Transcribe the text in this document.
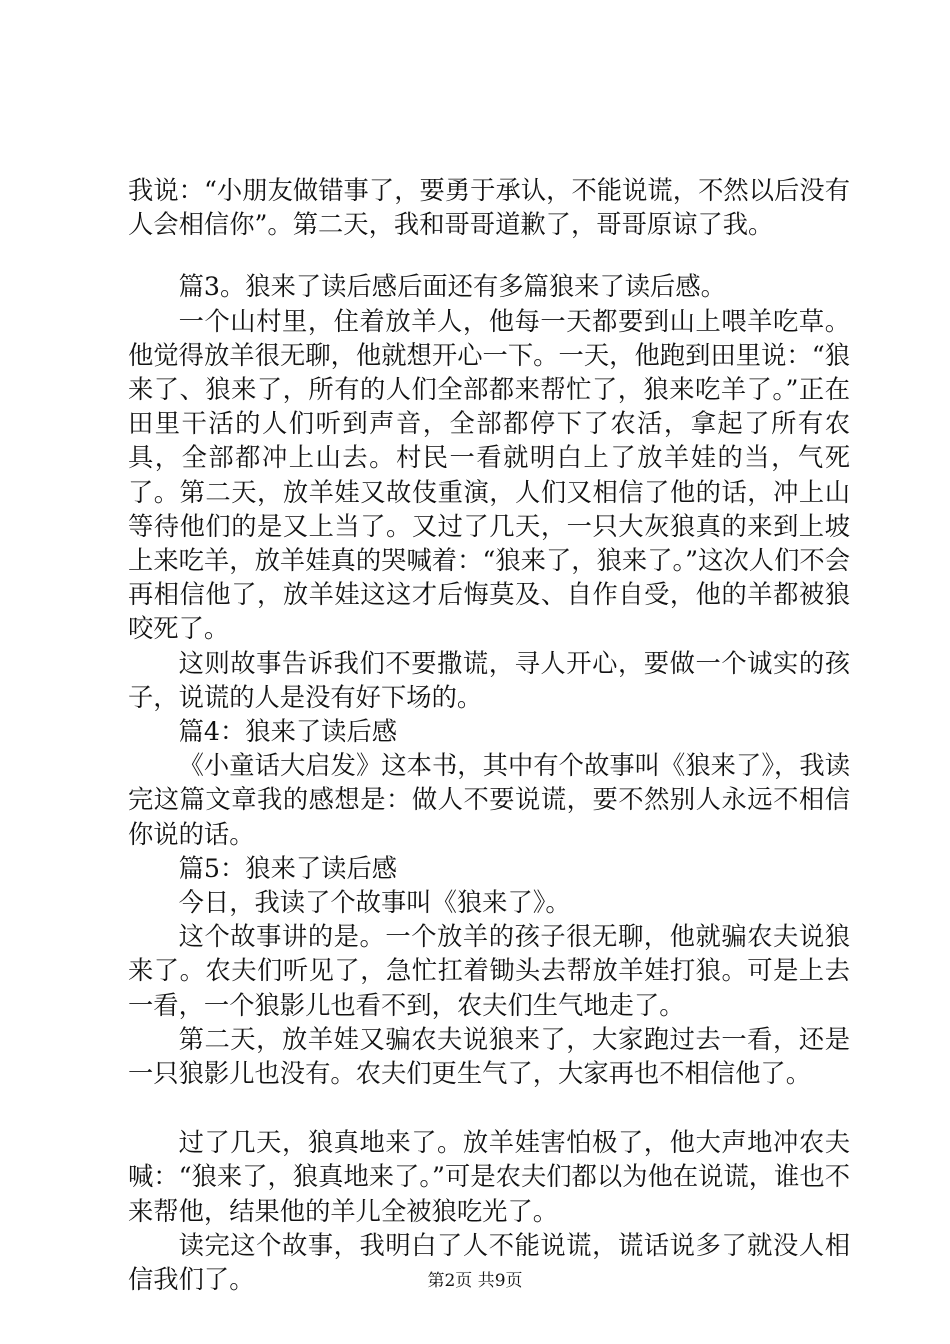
我说：“小朋友做错事了，要勇于承认，不能说谎，不然以后没有人会相信你”。第二天，我和哥哥道歉了，哥哥原谅了我。

篇3。狼来了读后感后面还有多篇狼来了读后感。

一个山村里，住着放羊人，他每一天都要到山上喂羊吃草。他觉得放羊很无聊，他就想开心一下。一天，他跑到田里说：“狼来了、狼来了，所有的人们全部都来帮忙了，狼来吃羊了。”正在田里干活的人们听到声音，全部都停下了农活，拿起了所有农具，全部都冲上山去。村民一看就明白上了放羊娃的当，气死了。第二天，放羊娃又故伎重演，人们又相信了他的话，冲上山等待他们的是又上当了。又过了几天，一只大灰狼真的来到上坡上来吃羊，放羊娃真的哭喊着：“狼来了，狼来了。”这次人们不会再相信他了，放羊娃这这才后悔莫及、自作自受，他的羊都被狼咬死了。

这则故事告诉我们不要撒谎，寻人开心，要做一个诚实的孩子，说谎的人是没有好下场的。

篇4：狼来了读后感

《小童话大启发》这本书，其中有个故事叫《狼来了》，我读完这篇文章我的感想是：做人不要说谎，要不然别人永远不相信你说的话。

篇5：狼来了读后感

今日，我读了个故事叫《狼来了》。

这个故事讲的是。一个放羊的孩子很无聊，他就骗农夫说狼来了。农夫们听见了，急忙扛着锄头去帮放羊娃打狼。可是上去一看，一个狼影儿也看不到，农夫们生气地走了。

第二天，放羊娃又骗农夫说狼来了，大家跑过去一看，还是一只狼影儿也没有。农夫们更生气了，大家再也不相信他了。

过了几天，狼真地来了。放羊娃害怕极了，他大声地冲农夫喊：“狼来了，狼真地来了。”可是农夫们都以为他在说谎，谁也不来帮他，结果他的羊儿全被狼吃光了。

读完这个故事，我明白了人不能说谎，谎话说多了就没人相信我们了。	第2页 共9页
